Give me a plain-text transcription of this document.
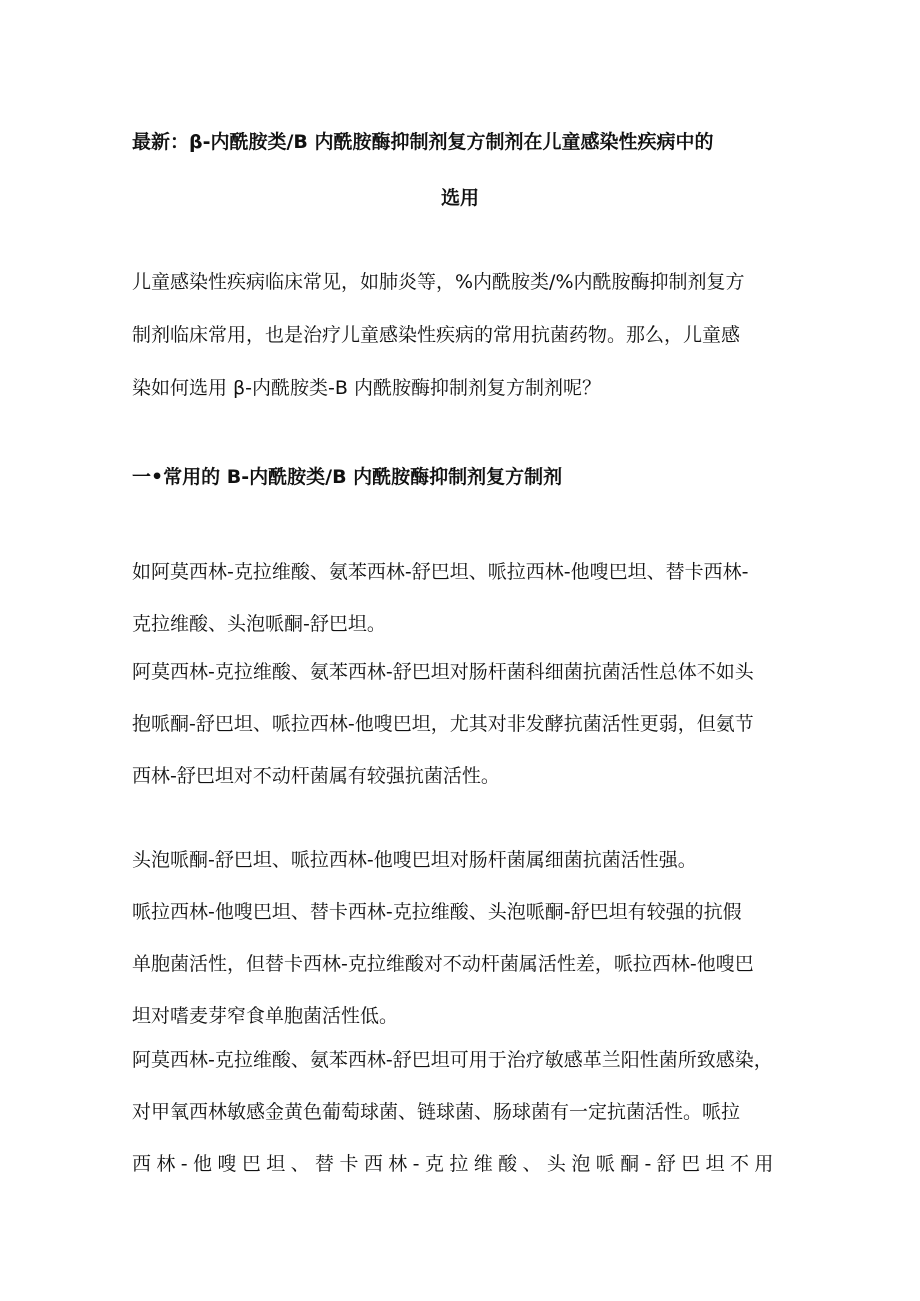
最新：β-内酰胺类/Β 内酰胺酶抑制剂复方制剂在儿童感染性疾病中的
选用
儿童感染性疾病临床常见，如肺炎等，%内酰胺类/%内酰胺酶抑制剂复方
制剂临床常用，也是治疗儿童感染性疾病的常用抗菌药物。那么，儿童感
染如何选用 β-内酰胺类-Β 内酰胺酶抑制剂复方制剂呢？
一•常用的 Β-内酰胺类/Β 内酰胺酶抑制剂复方制剂
如阿莫西林-克拉维酸、氨苯西林-舒巴坦、哌拉西林-他嗖巴坦、替卡西林-
克拉维酸、头泡哌酮-舒巴坦。
阿莫西林-克拉维酸、氨苯西林-舒巴坦对肠杆菌科细菌抗菌活性总体不如头
抱哌酮-舒巴坦、哌拉西林-他嗖巴坦，尤其对非发酵抗菌活性更弱，但氨节
西林-舒巴坦对不动杆菌属有较强抗菌活性。
头泡哌酮-舒巴坦、哌拉西林-他嗖巴坦对肠杆菌属细菌抗菌活性强。
哌拉西林-他嗖巴坦、替卡西林-克拉维酸、头泡哌酮-舒巴坦有较强的抗假
单胞菌活性，但替卡西林-克拉维酸对不动杆菌属活性差，哌拉西林-他嗖巴
坦对嗜麦芽窄食单胞菌活性低。
阿莫西林-克拉维酸、氨苯西林-舒巴坦可用于治疗敏感革兰阳性菌所致感染，
对甲氧西林敏感金黄色葡萄球菌、链球菌、肠球菌有一定抗菌活性。哌拉
西林-他嗖巴坦、替卡西林-克拉维酸、头泡哌酮-舒巴坦不用
